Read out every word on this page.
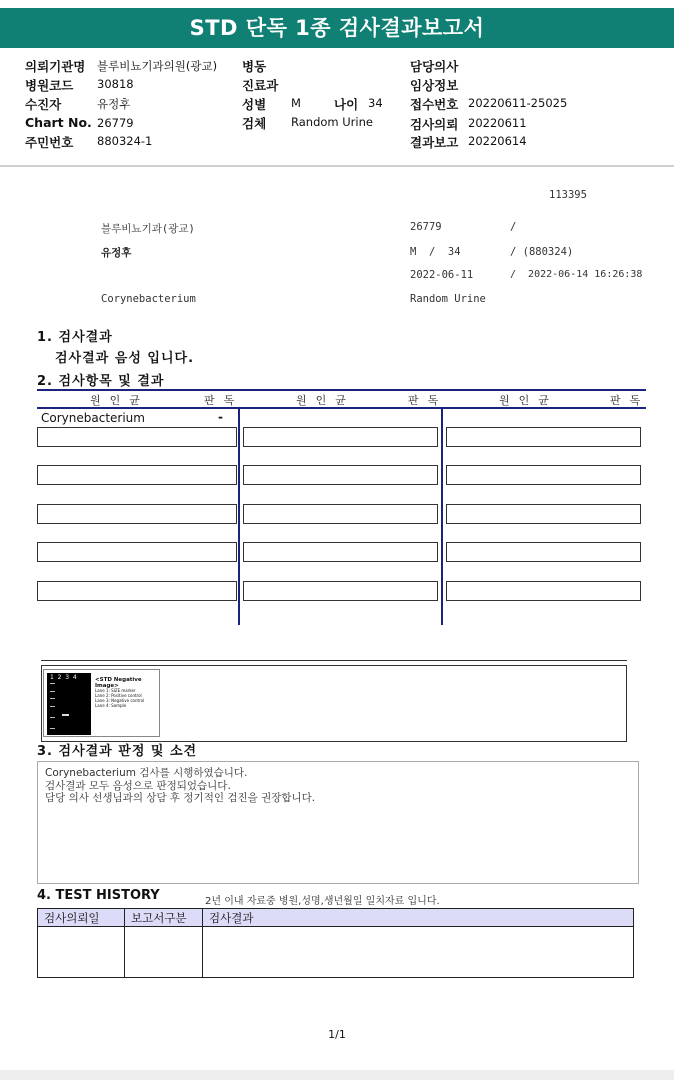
STD 단독 1종 검사결과보고서
의뢰기관명 블루비뇨기과의원(광교)
병원코드 30818
수진자	유정후
Chart No. 26779
주민번호 880324-1
병동
진료과
성별 M	나이 34
검체 Random Urine
담당의사
임상정보
접수번호 20220611-25025
검사의뢰 20220611
결과보고 20220614
113395
블루비뇨기과(광교)	26779	/
유정후	M  /  34	/ (880324)
2022-06-11	/  2022-06-14 16:26:38
Corynebacterium	Random Urine
1. 검사결과
검사결과 음성 입니다.
2. 검사항목 및 결과
원인균	판독	원인균	판독	원인균	판독
Corynebacterium	-
1  2  3  4	<STD Negative Image>
Lane 1: SIZE marker
Lane 2: Positive control
Lane 3: Negative control
Lane 4: Sample
3. 검사결과 판정 및 소견
Corynebacterium 검사를 시행하였습니다.
검사결과 모두 음성으로 판정되었습니다.
담당 의사 선생님과의 상담 후 정기적인 검진을 권장합니다.
4. TEST HISTORY	2년 이내 자료중 병원,성명,생년월일 일치자료 입니다.
검사의뢰일	보고서구분	검사결과

1/1
